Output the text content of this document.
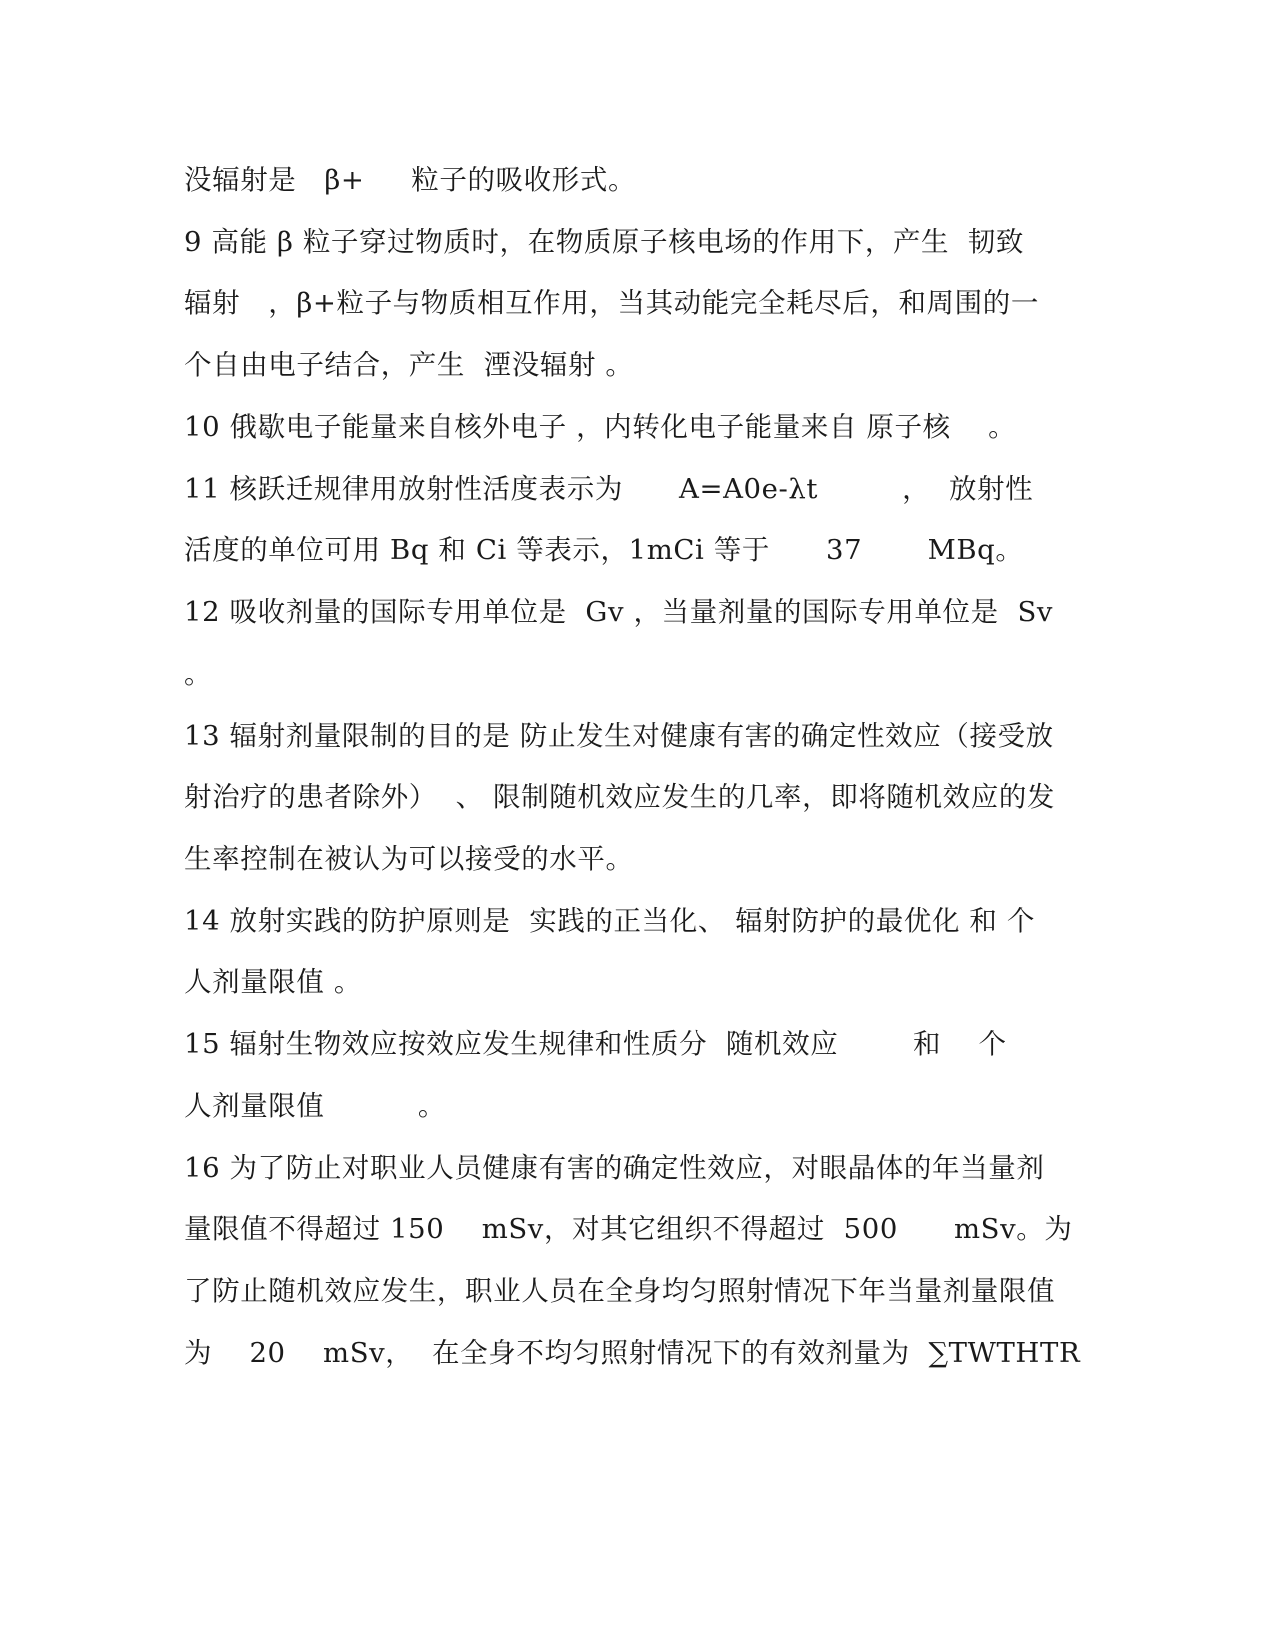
没辐射是   β+     粒子的吸收形式。
9 高能 β 粒子穿过物质时，在物质原子核电场的作用下，产生  韧致
辐射   ，β+粒子与物质相互作用，当其动能完全耗尽后，和周围的一
个自由电子结合，产生  湮没辐射 。
10 俄歇电子能量来自核外电子 ，内转化电子能量来自 原子核    。
11 核跃迁规律用放射性活度表示为      A=A0e-λt         ，  放射性
活度的单位可用 Bq 和 Ci 等表示，1mCi 等于      37       MBq。
12 吸收剂量的国际专用单位是  Gv ，当量剂量的国际专用单位是  Sv
。
13 辐射剂量限制的目的是 防止发生对健康有害的确定性效应（接受放
射治疗的患者除外）  、 限制随机效应发生的几率，即将随机效应的发
生率控制在被认为可以接受的水平。
14 放射实践的防护原则是  实践的正当化、 辐射防护的最优化 和 个
人剂量限值 。
15 辐射生物效应按效应发生规律和性质分  随机效应        和    个
人剂量限值          。
16 为了防止对职业人员健康有害的确定性效应，对眼晶体的年当量剂
量限值不得超过 150    mSv，对其它组织不得超过  500      mSv。为
了防止随机效应发生，职业人员在全身均匀照射情况下年当量剂量限值
为    20    mSv，  在全身不均匀照射情况下的有效剂量为  ∑TWTHTR
